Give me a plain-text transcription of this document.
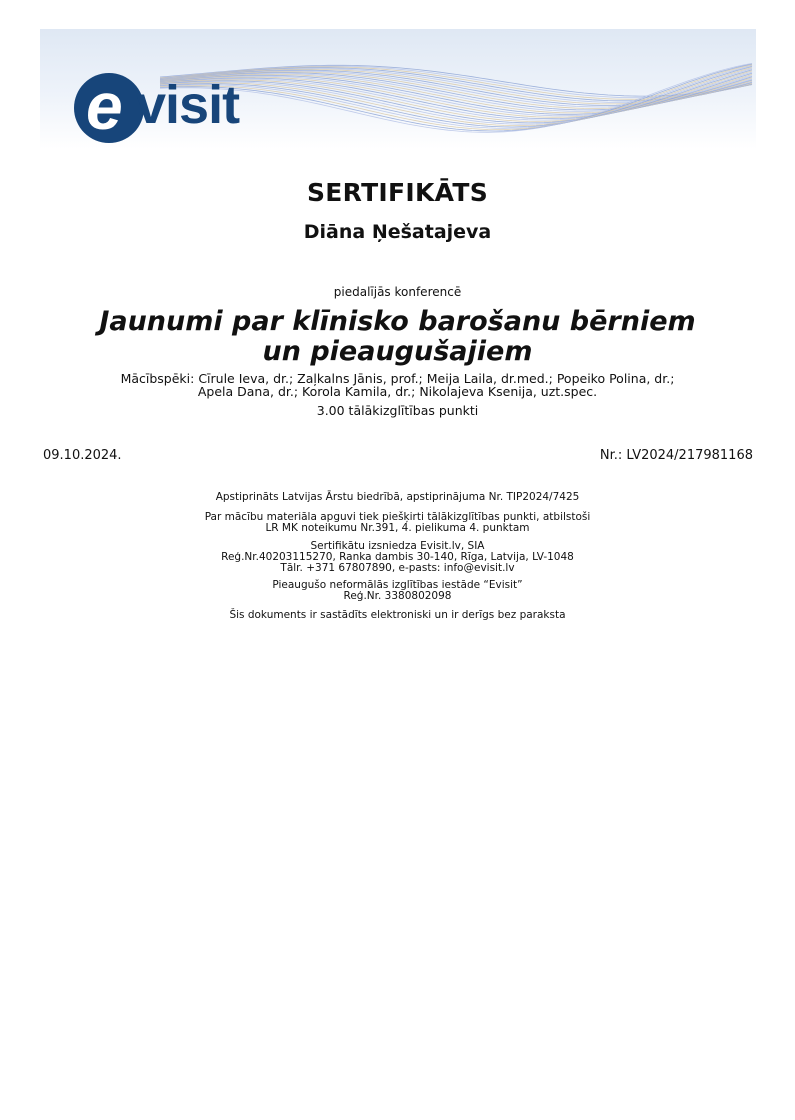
e visit
SERTIFIKĀTS
Diāna Ņešatajeva
piedalījās konferencē
Jaunumi par klīnisko barošanu bērniem un pieaugušajiem
Mācībspēki: Cīrule Ieva, dr.; Zaļkalns Jānis, prof.; Meija Laila, dr.med.; Popeiko Polina, dr.;
Apela Dana, dr.; Korola Kamila, dr.; Nikolajeva Ksenija, uzt.spec.
3.00 tālākizglītības punkti
09.10.2024.	Nr.: LV2024/217981168
Apstiprināts Latvijas Ārstu biedrībā, apstiprinājuma Nr. TIP2024/7425
Par mācību materiāla apguvi tiek piešķirti tālākizglītības punkti, atbilstoši
LR MK noteikumu Nr.391, 4. pielikuma 4. punktam
Sertifikātu izsniedza Evisit.lv, SIA
Reģ.Nr.40203115270, Ranka dambis 30-140, Rīga, Latvija, LV-1048
Tālr. +371 67807890, e-pasts: info@evisit.lv
Pieaugušo neformālās izglītības iestāde “Evisit”
Reģ.Nr. 3380802098
Šis dokuments ir sastādīts elektroniski un ir derīgs bez paraksta
